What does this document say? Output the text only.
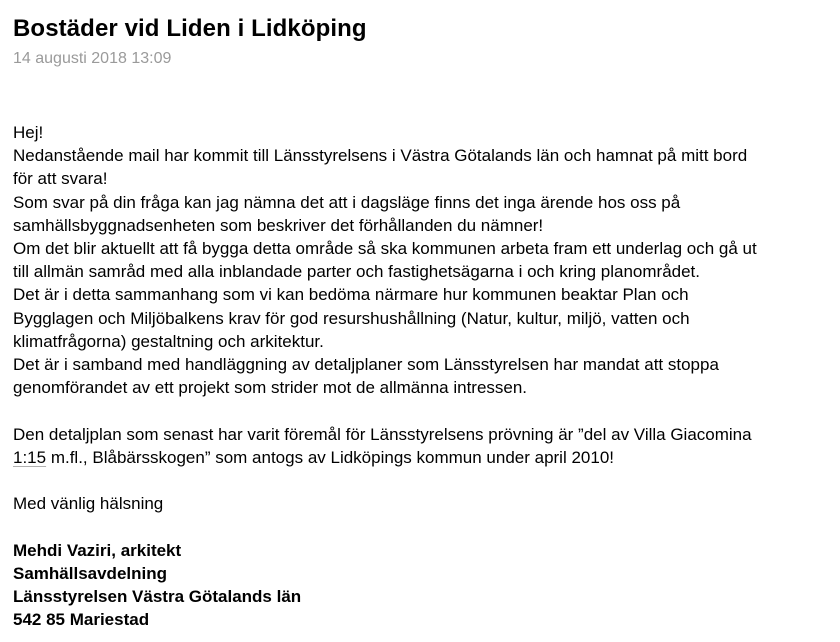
Bostäder vid Liden i Lidköping
14 augusti 2018 13:09
Hej!
Nedanstående mail har kommit till Länsstyrelsens i Västra Götalands län och hamnat på mitt bord
för att svara!
Som svar på din fråga kan jag nämna det att i dagsläge finns det inga ärende hos oss på
samhällsbyggnadsenheten som beskriver det förhållanden du nämner!
Om det blir aktuellt att få bygga detta område så ska kommunen arbeta fram ett underlag och gå ut
till allmän samråd med alla inblandade parter och fastighetsägarna i och kring planområdet.
Det är i detta sammanhang som vi kan bedöma närmare hur kommunen beaktar Plan och
Bygglagen och Miljöbalkens krav för god resurshushållning (Natur, kultur, miljö, vatten och
klimatfrågorna) gestaltning och arkitektur.
Det är i samband med handläggning av detaljplaner som Länsstyrelsen har mandat att stoppa
genomförandet av ett projekt som strider mot de allmänna intressen.
Den detaljplan som senast har varit föremål för Länsstyrelsens prövning är ”del av Villa Giacomina
1:15 m.fl., Blåbärsskogen” som antogs av Lidköpings kommun under april 2010!
Med vänlig hälsning
Mehdi Vaziri, arkitekt
Samhällsavdelning
Länsstyrelsen Västra Götalands län
542 85 Mariestad
